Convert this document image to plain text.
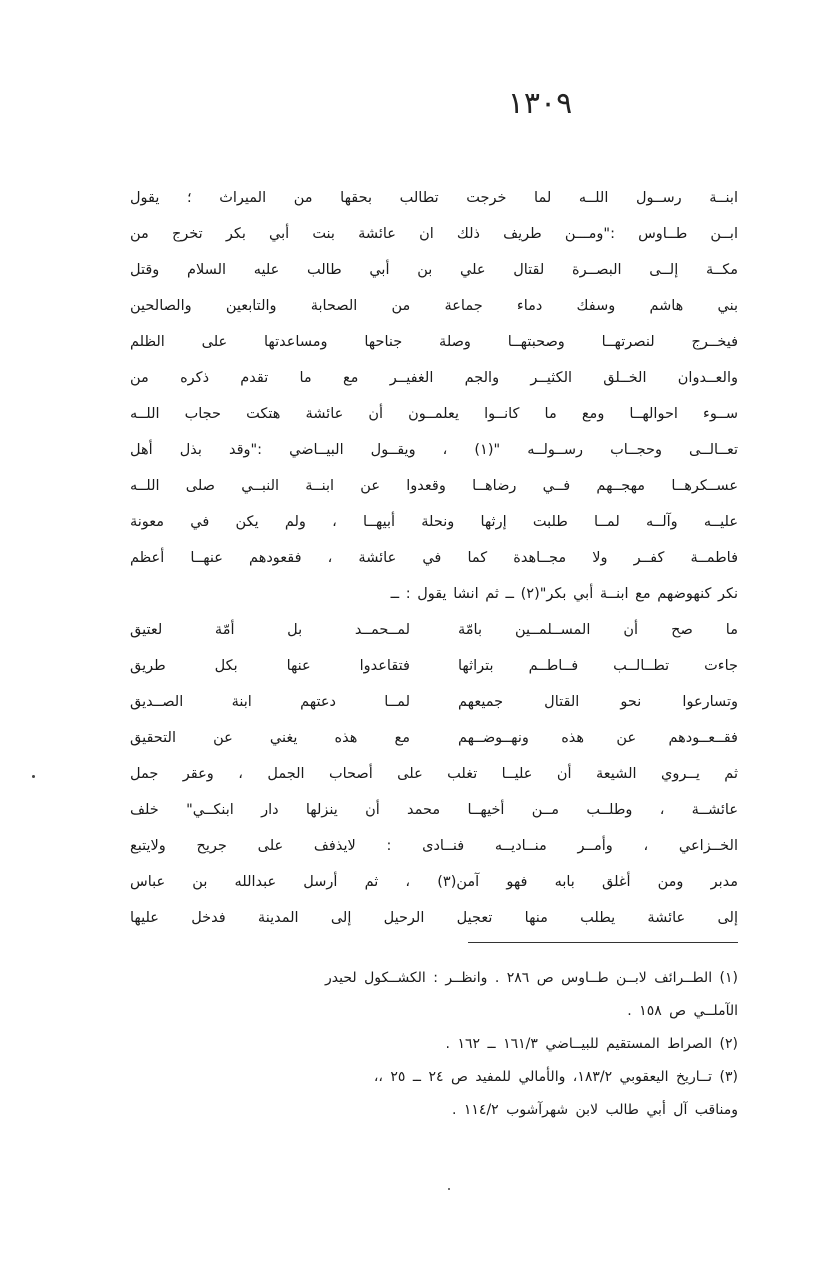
١٣٠٩
ابنــة رســول اللــه لما خرجت تطالب بحقها من الميراث ؛ يقول
ابــن طــاوس :"ومـــن طريف ذلك ان عائشة بنت أبي بكر تخرج من
مكــة إلــى البصــرة لقتال علي بن أبي طالب عليه السلام وقتل
بني هاشم وسفك دماء جماعة من الصحابة والتابعين والصالحين
فيخــرج لنصرتهــا وصحبتهــا وصلة جناحها ومساعدتها على الظلم
والعــدوان الخــلق الكثيــر والجم الغفيــر مع ما تقدم ذكره من
ســوء احوالهــا ومع ما كانــوا يعلمــون أن عائشة هتكت حجاب اللــه
تعــالــى وحجــاب رســولــه "(١) ، ويقــول البيــاضي :"وقد بذل أهل
عســكرهــا مهجــهم فــي رضاهــا وقعدوا عن ابنــة النبــي صلى اللــه
عليــه وآلــه لمــا طلبت إرثها ونحلة أبيهــا ، ولم يكن في معونة
فاطمــة كفــر ولا مجــاهدة كما في عائشة ، فقعودهم عنهــا أعظم
نكر كنهوضهم مع ابنــة أبي بكر"(٢) ــ ثم انشا يقول : ــ
ما صح أن المســلمــين بامّة
لمــحمــد بل أمّة لعتيق
جاءت تطــالــب فــاطــم بتراثها
فتقاعدوا عنها بكل طريق
وتسارعوا نحو القتال جميعهم
لمــا دعتهم ابنة الصــديق
فقــعــودهم عن هذه ونهــوضــهم
مع هذه يغني عن التحقيق
ثم يــروي الشيعة أن عليــا تغلب على أصحاب الجمل ، وعقر جمل
عائشــة ، وطلــب مــن أخيهــا محمد أن ينزلها دار ابنكــي" خلف
الخــزاعي ، وأمــر منــاديــه فنــادى : لايذفف على جريح ولايتبع
مدبر ومن أغلق بابه فهو آمن(٣) ، ثم أرسل عبدالله بن عباس
إلى عائشة يطلب منها تعجيل الرحيل إلى المدينة فدخل عليها
(١) الطــرائف لابــن طــاوس ص ٢٨٦ . وانظــر : الكشــكول لحيدر
الآملــي ص ١٥٨ .
(٢) الصراط المستقيم للبيــاضي ١٦١/٣ ــ ١٦٢ .
(٣) تــاريخ اليعقوبي ١٨٣/٢، والأمالي للمفيد ص ٢٤ ــ ٢٥ ،،
ومناقب آل أبي طالب لابن شهرآشوب ١١٤/٢ .
